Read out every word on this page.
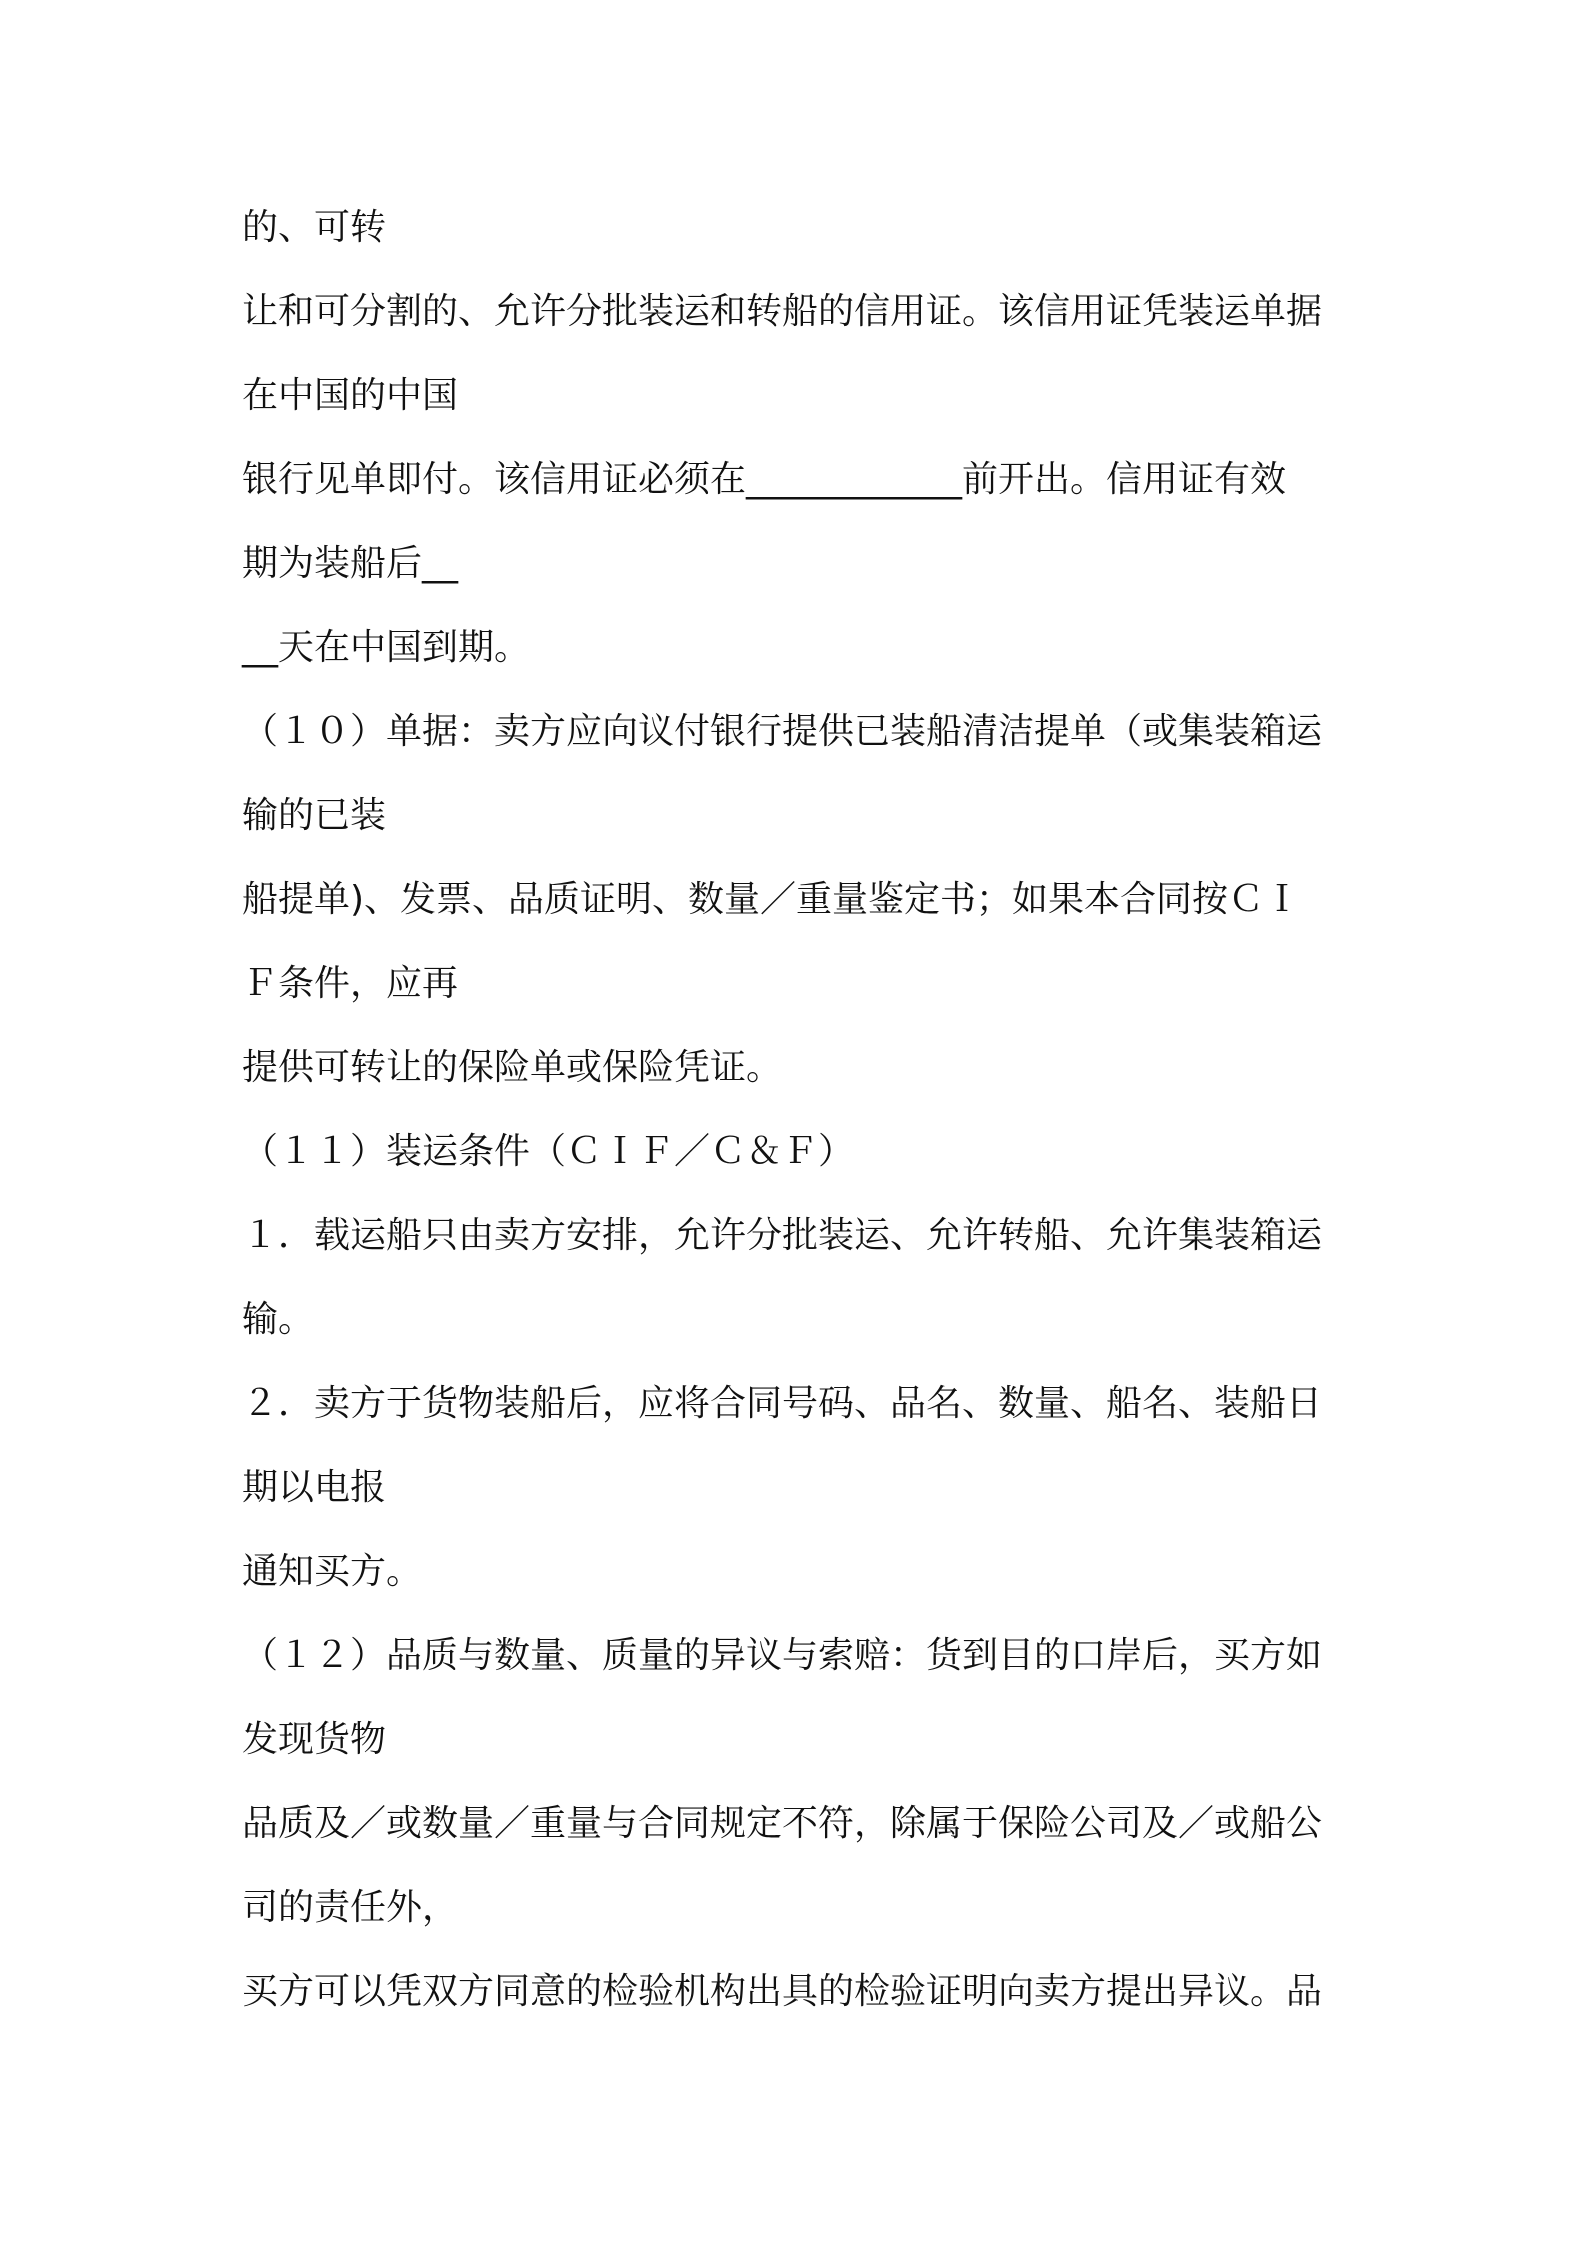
的、可转
让和可分割的、允许分批装运和转船的信用证。该信用证凭装运单据
在中国的中国
银行见单即付。该信用证必须在____________前开出。信用证有效
期为装船后__
__天在中国到期。
（１０）单据：卖方应向议付银行提供已装船清洁提单（或集装箱运
输的已装
船提单)、发票、品质证明、数量／重量鉴定书；如果本合同按ＣＩ
Ｆ条件，应再
提供可转让的保险单或保险凭证。
（１１）装运条件（ＣＩＦ／Ｃ＆Ｆ）
１．载运船只由卖方安排，允许分批装运、允许转船、允许集装箱运
输。
２．卖方于货物装船后，应将合同号码、品名、数量、船名、装船日
期以电报
通知买方。
（１２）品质与数量、质量的异议与索赔：货到目的口岸后，买方如
发现货物
品质及／或数量／重量与合同规定不符，除属于保险公司及／或船公
司的责任外，
买方可以凭双方同意的检验机构出具的检验证明向卖方提出异议。品
